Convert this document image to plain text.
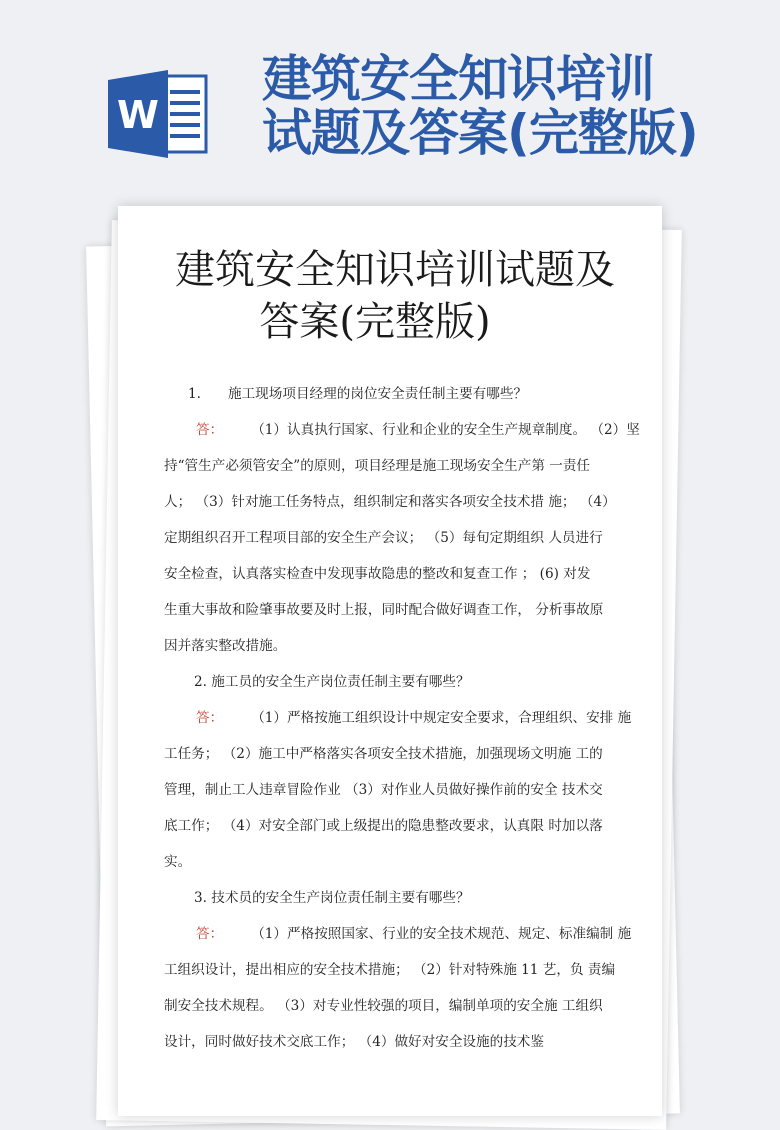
W
建筑安全知识培训
试题及答案(完整版)
建筑安全知识培训试题及
答案(完整版)
1. 施工现场项目经理的岗位安全责任制主要有哪些？
答： （1）认真执行国家、行业和企业的安全生产规章制度。 （2）坚
持“管生产必须管安全”的原则，项目经理是施工现场安全生产第 一责任
人； （3）针对施工任务特点，组织制定和落实各项安全技术措 施； （4）
定期组织召开工程项目部的安全生产会议； （5）每旬定期组织 人员进行
安全检查，认真落实检查中发现事故隐患的整改和复查工作 ； (6) 对发
生重大事故和险肇事故要及时上报，同时配合做好调查工作， 分析事故原
因并落实整改措施。
2. 施工员的安全生产岗位责任制主要有哪些？
答： （1）严格按施工组织设计中规定安全要求，合理组织、安排 施
工任务； （2）施工中严格落实各项安全技术措施，加强现场文明施 工的
管理，制止工人违章冒险作业 （3）对作业人员做好操作前的安全 技术交
底工作； （4）对安全部门或上级提出的隐患整改要求，认真限 时加以落
实。
3. 技术员的安全生产岗位责任制主要有哪些？
答： （1）严格按照国家、行业的安全技术规范、规定、标准编制 施
工组织设计，提出相应的安全技术措施； （2）针对特殊施 11 艺，负 责编
制安全技术规程。 （3）对专业性较强的项目，编制单项的安全施 工组织
设计，同时做好技术交底工作； （4）做好对安全设施的技术鉴
